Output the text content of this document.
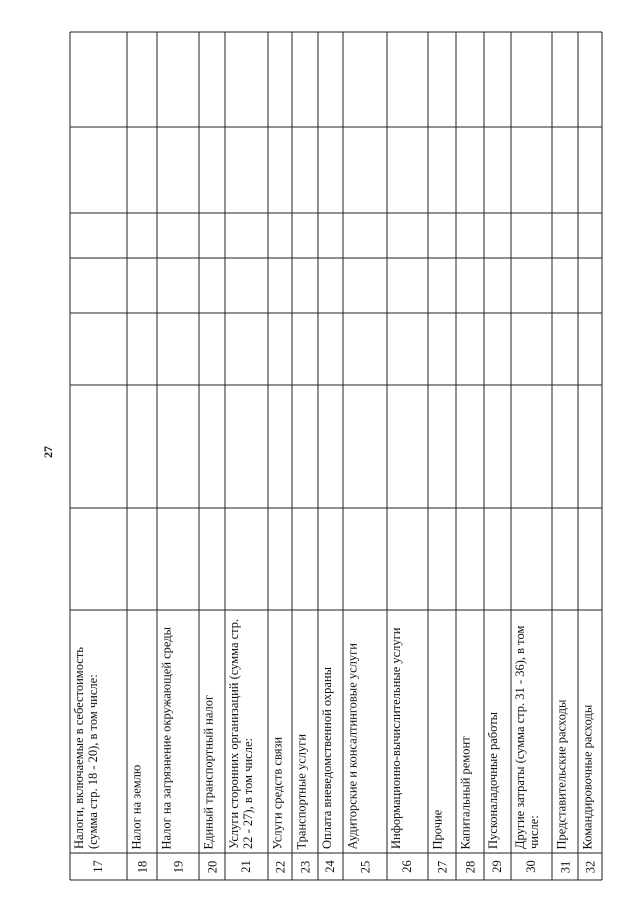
27
17
Налоги, включаемые в себестоимость (сумма стр. 18 - 20), в том числе:
18
Налог на землю
19
Налог на загрязнение окружающей среды
20
Единый транспортный налог
21
Услуги сторонних организаций (сумма стр. 22 - 27), в том числе:
22
Услуги средств связи
23
Транспортные услуги
24
Оплата вневедомственной охраны
25
Аудиторские и консалтинговые услуги
26
Информационно-вычислительные услуги
27
Прочие
28
Капитальный ремонт
29
Пусконаладочные работы
30
Другие затраты (сумма стр. 31 - 36), в том числе:
31
Представительские расходы
32
Командировочные расходы
